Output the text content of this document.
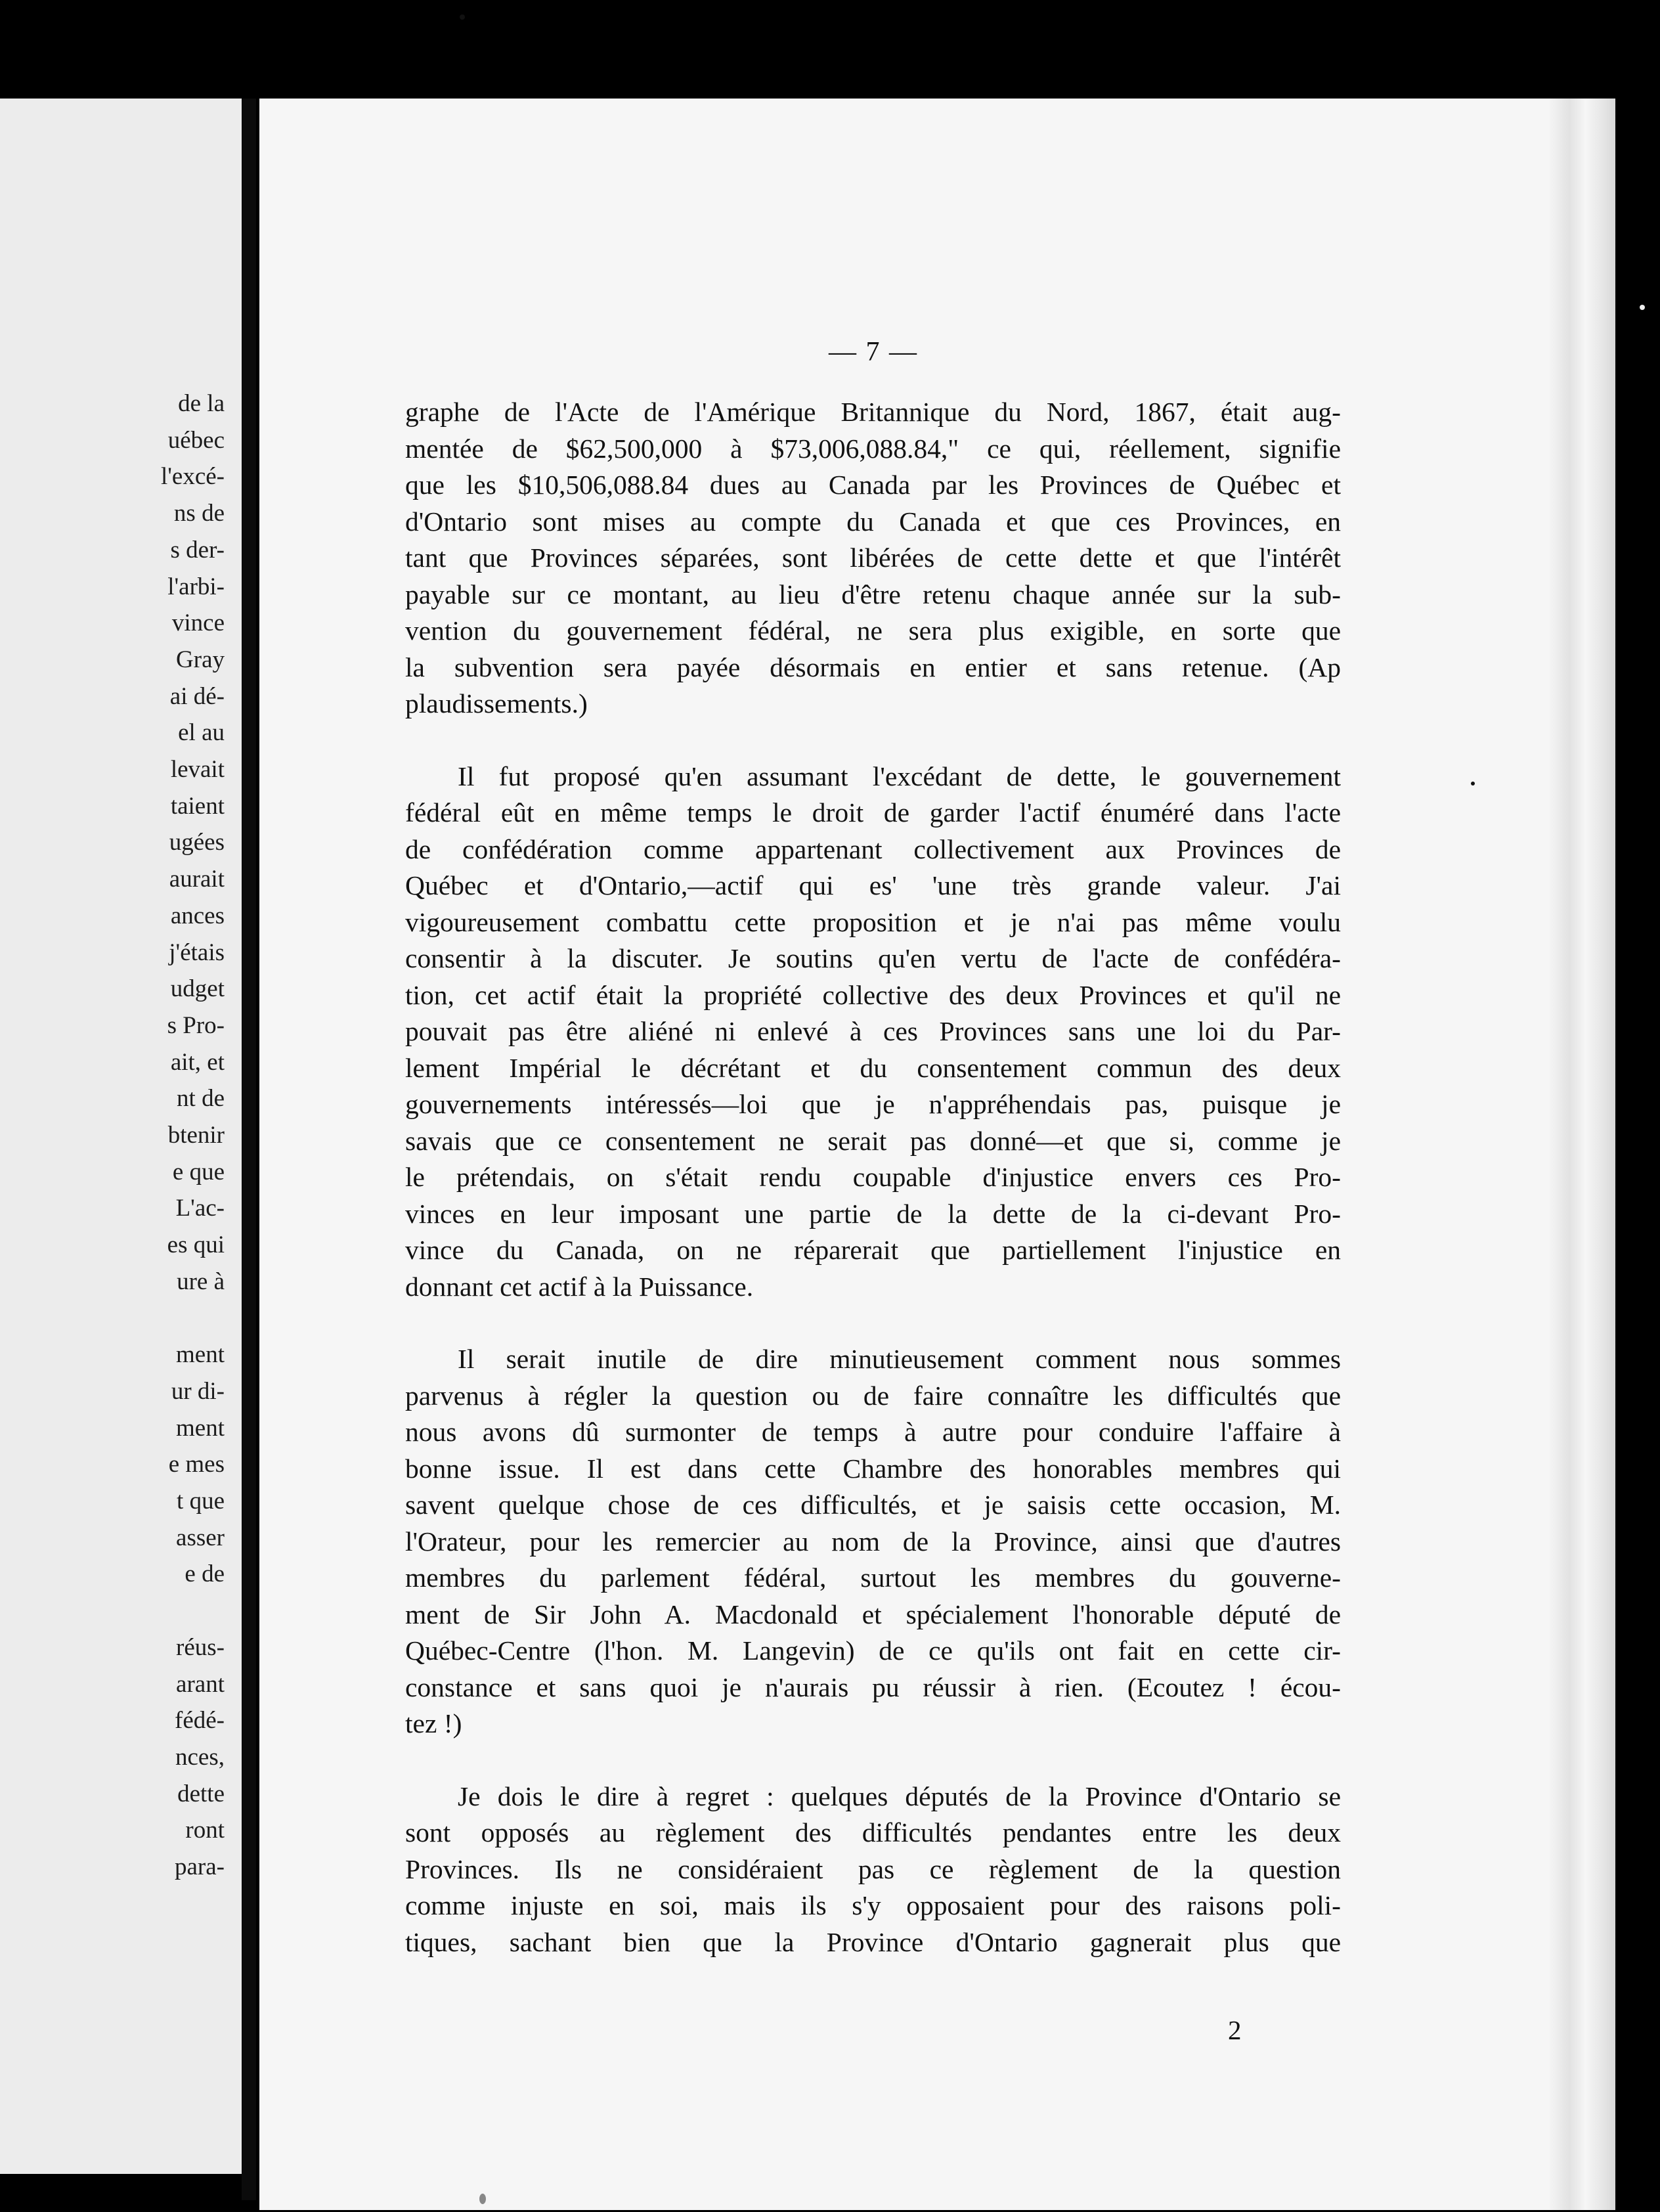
de la
uébec
l'excé-
ns de
s der-
l'arbi-
vince
Gray
ai dé-
el au
levait
taient
ugées
aurait
ances
j'étais
udget
s Pro-
ait, et
nt de
btenir
e que
L'ac-
es qui
ure à
ment
ur di-
ment
e mes
t que
asser
e de
réus-
arant
fédé-
nces,
dette
ront
para-
— 7 —
graphe de l'Acte de l'Amérique Britannique du Nord, 1867, était aug-
mentée de $62,500,000 à $73,006,088.84," ce qui, réellement, signifie
que les $10,506,088.84 dues au Canada par les Provinces de Québec et
d'Ontario sont mises au compte du Canada et que ces Provinces, en
tant que Provinces séparées, sont libérées de cette dette et que l'intérêt
payable sur ce montant, au lieu d'être retenu chaque année sur la sub-
vention du gouvernement fédéral, ne sera plus exigible, en sorte que
la subvention sera payée désormais en entier et sans retenue. (Ap
plaudissements.)
Il fut proposé qu'en assumant l'excédant de dette, le gouvernement
fédéral eût en même temps le droit de garder l'actif énuméré dans l'acte
de confédération comme appartenant collectivement aux Provinces de
Québec et d'Ontario,—actif qui es' 'une très grande valeur. J'ai
vigoureusement combattu cette proposition et je n'ai pas même voulu
consentir à la discuter. Je soutins qu'en vertu de l'acte de confédéra-
tion, cet actif était la propriété collective des deux Provinces et qu'il ne
pouvait pas être aliéné ni enlevé à ces Provinces sans une loi du Par-
lement Impérial le décrétant et du consentement commun des deux
gouvernements intéressés—loi que je n'appréhendais pas, puisque je
savais que ce consentement ne serait pas donné—et que si, comme je
le prétendais, on s'était rendu coupable d'injustice envers ces Pro-
vinces en leur imposant une partie de la dette de la ci-devant Pro-
vince du Canada, on ne réparerait que partiellement l'injustice en
donnant cet actif à la Puissance.
Il serait inutile de dire minutieusement comment nous sommes
parvenus à régler la question ou de faire connaître les difficultés que
nous avons dû surmonter de temps à autre pour conduire l'affaire à
bonne issue. Il est dans cette Chambre des honorables membres qui
savent quelque chose de ces difficultés, et je saisis cette occasion, M.
l'Orateur, pour les remercier au nom de la Province, ainsi que d'autres
membres du parlement fédéral, surtout les membres du gouverne-
ment de Sir John A. Macdonald et spécialement l'honorable député de
Québec-Centre (l'hon. M. Langevin) de ce qu'ils ont fait en cette cir-
constance et sans quoi je n'aurais pu réussir à rien. (Ecoutez ! écou-
tez !)
Je dois le dire à regret : quelques députés de la Province d'Ontario se
sont opposés au règlement des difficultés pendantes entre les deux
Provinces. Ils ne considéraient pas ce règlement de la question
comme injuste en soi, mais ils s'y opposaient pour des raisons poli-
tiques, sachant bien que la Province d'Ontario gagnerait plus que
2
